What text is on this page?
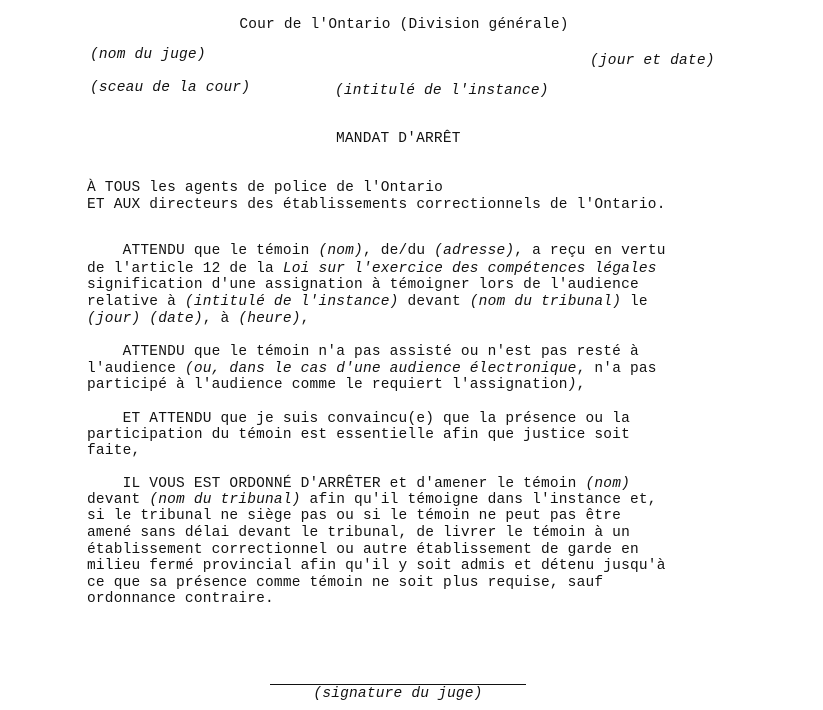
Cour de l'Ontario (Division générale)
(nom du juge)	(jour et date)
(sceau de la cour)	(intitulé de l'instance)
MANDAT D'ARRÊT
À TOUS les agents de police de l'Ontario
ET AUX directeurs des établissements correctionnels de l'Ontario.
ATTENDU que le témoin (nom), de/du (adresse), a reçu en vertu
de l'article 12 de la Loi sur l'exercice des compétences légales
signification d'une assignation à témoigner lors de l'audience
relative à (intitulé de l'instance) devant (nom du tribunal) le
(jour) (date), à (heure),
ATTENDU que le témoin n'a pas assisté ou n'est pas resté à
l'audience (ou, dans le cas d'une audience électronique, n'a pas
participé à l'audience comme le requiert l'assignation),
ET ATTENDU que je suis convaincu(e) que la présence ou la
participation du témoin est essentielle afin que justice soit
faite,
IL VOUS EST ORDONNÉ D'ARRÊTER et d'amener le témoin (nom)
devant (nom du tribunal) afin qu'il témoigne dans l'instance et,
si le tribunal ne siège pas ou si le témoin ne peut pas être
amené sans délai devant le tribunal, de livrer le témoin à un
établissement correctionnel ou autre établissement de garde en
milieu fermé provincial afin qu'il y soit admis et détenu jusqu'à
ce que sa présence comme témoin ne soit plus requise, sauf
ordonnance contraire.
(signature du juge)
